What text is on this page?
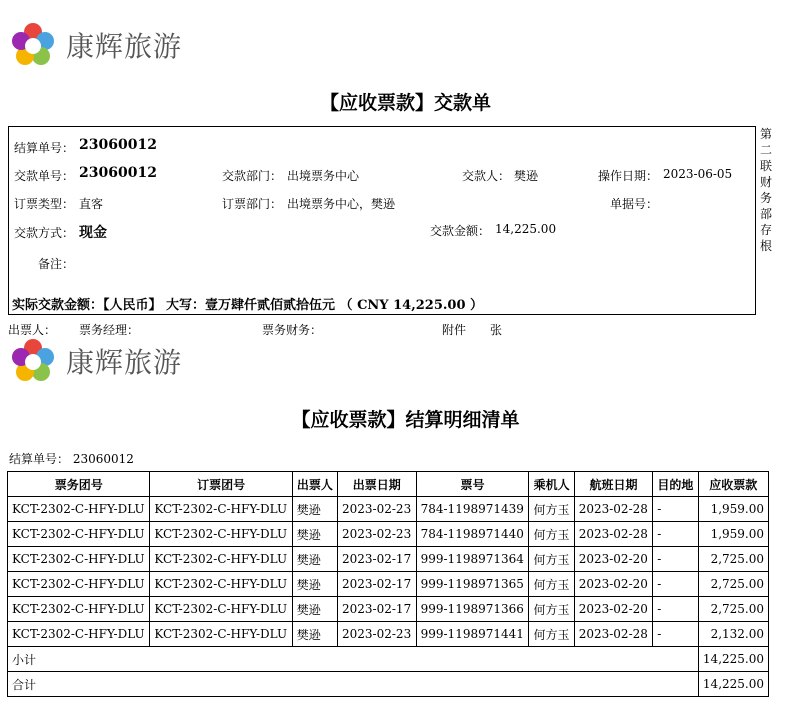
康辉旅游
【应收票款】交款单
结算单号： 23060012
交款单号： 23060012	交款部门： 出境票务中心	交款人： 樊逊	操作日期： 2023-06-05
订票类型： 直客	订票部门： 出境票务中心，樊逊	单据号：
交款方式： 现金	交款金额： 14,225.00
备注：
实际交款金额：【人民币】 大写：壹万肆仟贰佰贰拾伍元 （ CNY 14,225.00 ）
第
二
联
财
务
部
存
根
出票人： 票务经理：	票务财务：	附件 张
康辉旅游
【应收票款】结算明细清单
结算单号： 23060012
票务团号	订票团号	出票人	出票日期	票号	乘机人	航班日期	目的地	应收票款
KCT-2302-C-HFY-DLU	KCT-2302-C-HFY-DLU	樊逊	2023-02-23	784-1198971439	何方玉	2023-02-28	-	1,959.00
KCT-2302-C-HFY-DLU	KCT-2302-C-HFY-DLU	樊逊	2023-02-23	784-1198971440	何方玉	2023-02-28	-	1,959.00
KCT-2302-C-HFY-DLU	KCT-2302-C-HFY-DLU	樊逊	2023-02-17	999-1198971364	何方玉	2023-02-20	-	2,725.00
KCT-2302-C-HFY-DLU	KCT-2302-C-HFY-DLU	樊逊	2023-02-17	999-1198971365	何方玉	2023-02-20	-	2,725.00
KCT-2302-C-HFY-DLU	KCT-2302-C-HFY-DLU	樊逊	2023-02-17	999-1198971366	何方玉	2023-02-20	-	2,725.00
KCT-2302-C-HFY-DLU	KCT-2302-C-HFY-DLU	樊逊	2023-02-23	999-1198971441	何方玉	2023-02-28	-	2,132.00
小计								14,225.00
合计								14,225.00
